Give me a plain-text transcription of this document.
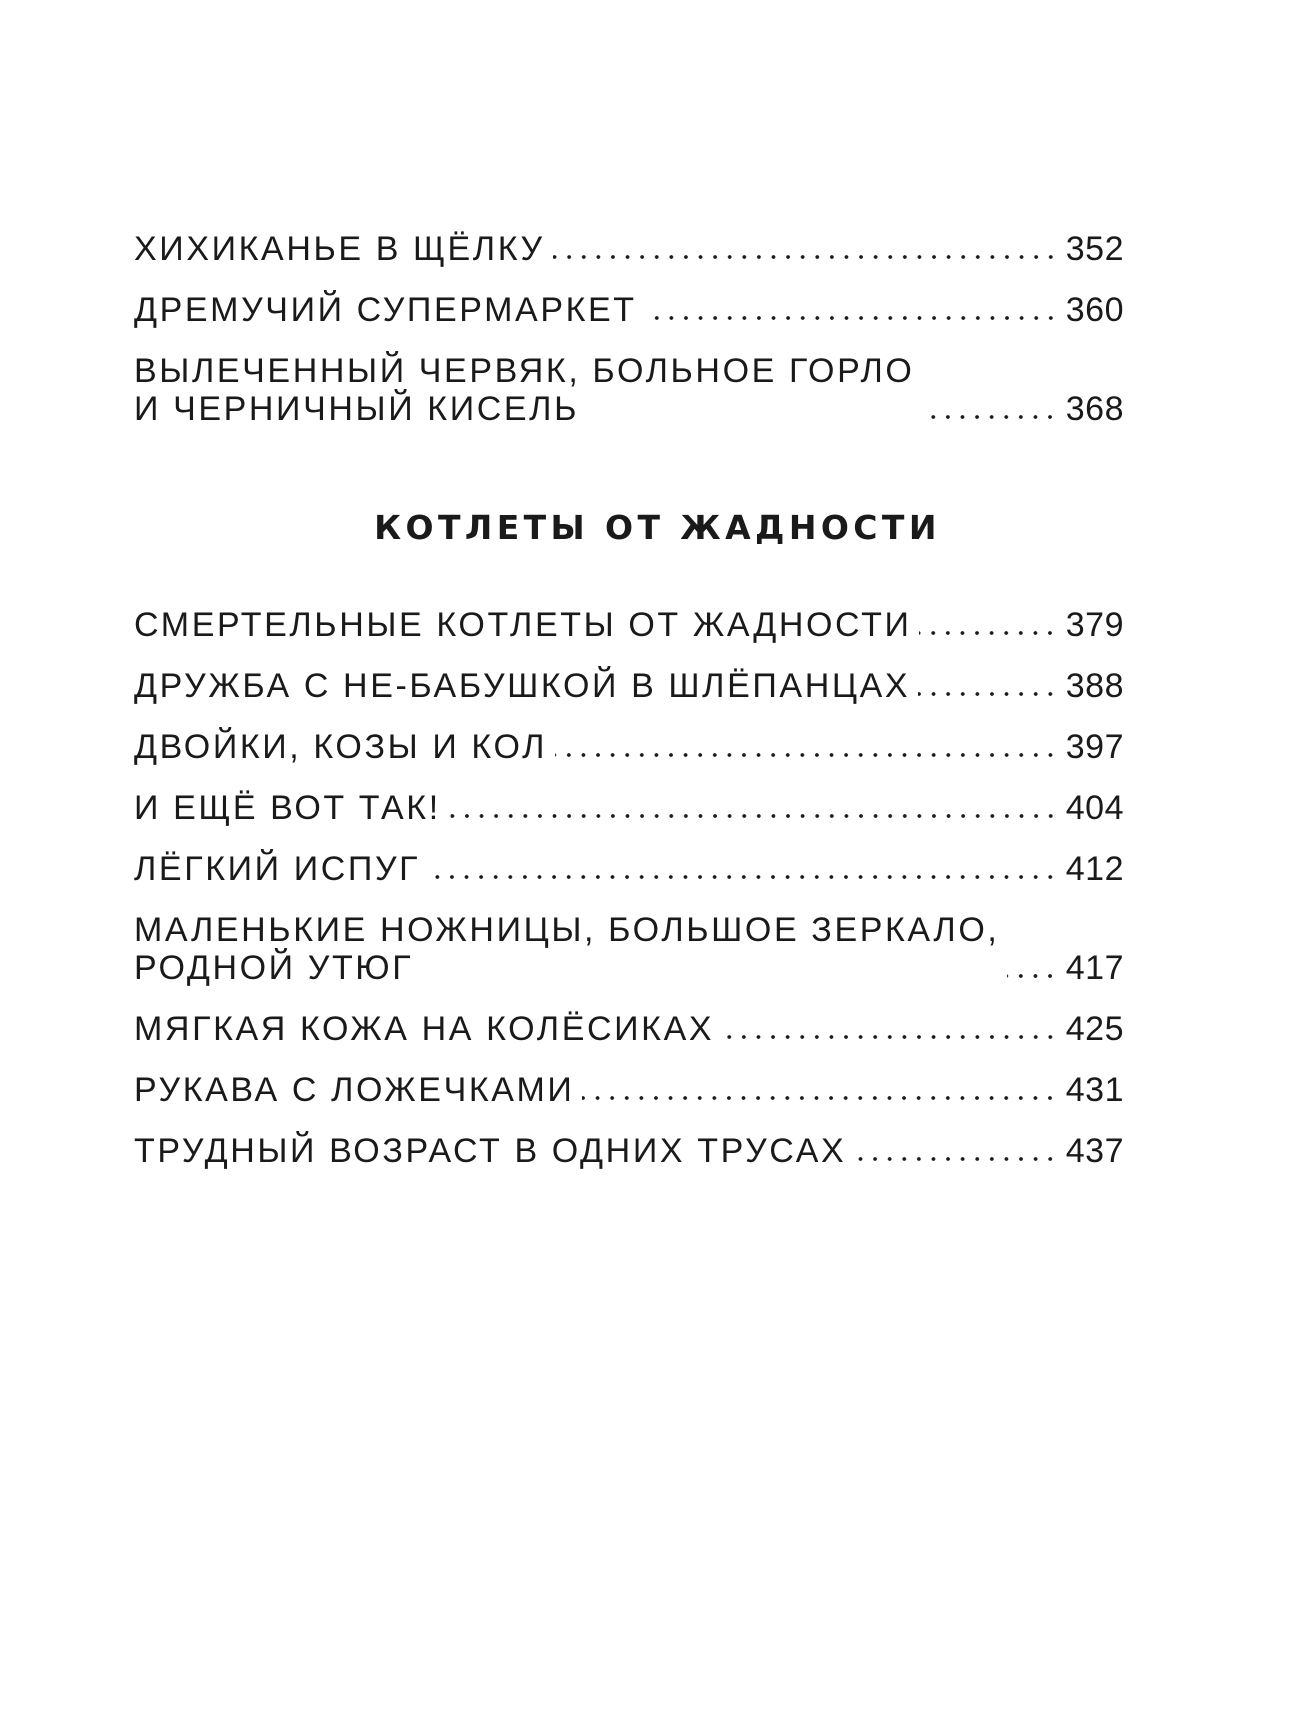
ХИХИКАНЬЕ В ЩЁЛКУ	352
ДРЕМУЧИЙ СУПЕРМАРКЕТ	360
ВЫЛЕЧЕННЫЙ ЧЕРВЯК, БОЛЬНОЕ ГОРЛО
И ЧЕРНИЧНЫЙ КИСЕЛЬ	368
КОТЛЕТЫ ОТ ЖАДНОСТИ
СМЕРТЕЛЬНЫЕ КОТЛЕТЫ ОТ ЖАДНОСТИ	379
ДРУЖБА С НЕ-БАБУШКОЙ В ШЛЁПАНЦАХ	388
ДВОЙКИ, КОЗЫ И КОЛ	397
И ЕЩЁ ВОТ ТАК!	404
ЛЁГКИЙ ИСПУГ	412
МАЛЕНЬКИЕ НОЖНИЦЫ, БОЛЬШОЕ ЗЕРКАЛО,
РОДНОЙ УТЮГ	417
МЯГКАЯ КОЖА НА КОЛЁСИКАХ	425
РУКАВА С ЛОЖЕЧКАМИ	431
ТРУДНЫЙ ВОЗРАСТ В ОДНИХ ТРУСАХ	437
